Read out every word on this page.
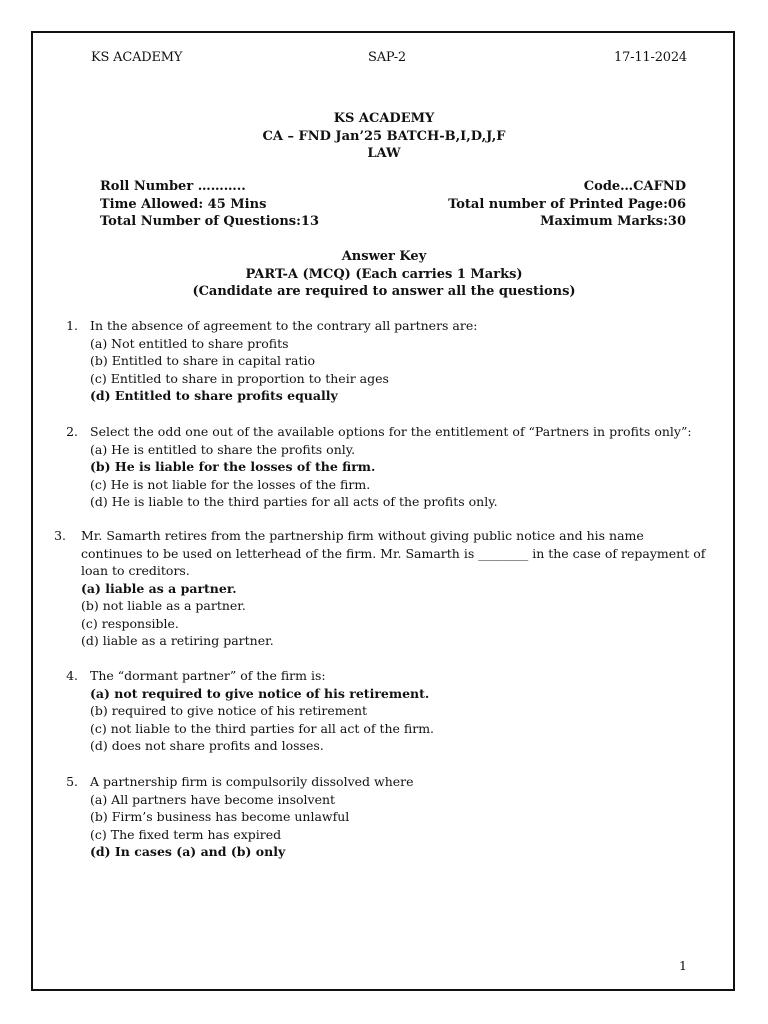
KS ACADEMY	SAP-2	17-11-2024
KS ACADEMY
CA – FND Jan’25 BATCH-B,I,D,J,F
LAW
Roll Number ………..	Code…CAFND
Time Allowed: 45 Mins	Total number of Printed Page:06
Total Number of Questions:13	Maximum Marks:30
Answer Key
PART-A (MCQ) (Each carries 1 Marks)
(Candidate are required to answer all the questions)
1. In the absence of agreement to the contrary all partners are:
(a) Not entitled to share profits
(b) Entitled to share in capital ratio
(c) Entitled to share in proportion to their ages
(d) Entitled to share profits equally
2. Select the odd one out of the available options for the entitlement of “Partners in profits only”:
(a) He is entitled to share the profits only.
(b) He is liable for the losses of the firm.
(c) He is not liable for the losses of the firm.
(d) He is liable to the third parties for all acts of the profits only.
3. Mr. Samarth retires from the partnership firm without giving public notice and his name
continues to be used on letterhead of the firm. Mr. Samarth is ________ in the case of repayment of
loan to creditors.
(a) liable as a partner.
(b) not liable as a partner.
(c) responsible.
(d) liable as a retiring partner.
4. The “dormant partner” of the firm is:
(a) not required to give notice of his retirement.
(b) required to give notice of his retirement
(c) not liable to the third parties for all act of the firm.
(d) does not share profits and losses.
5. A partnership firm is compulsorily dissolved where
(a) All partners have become insolvent
(b) Firm’s business has become unlawful
(c) The fixed term has expired
(d) In cases (a) and (b) only
1
